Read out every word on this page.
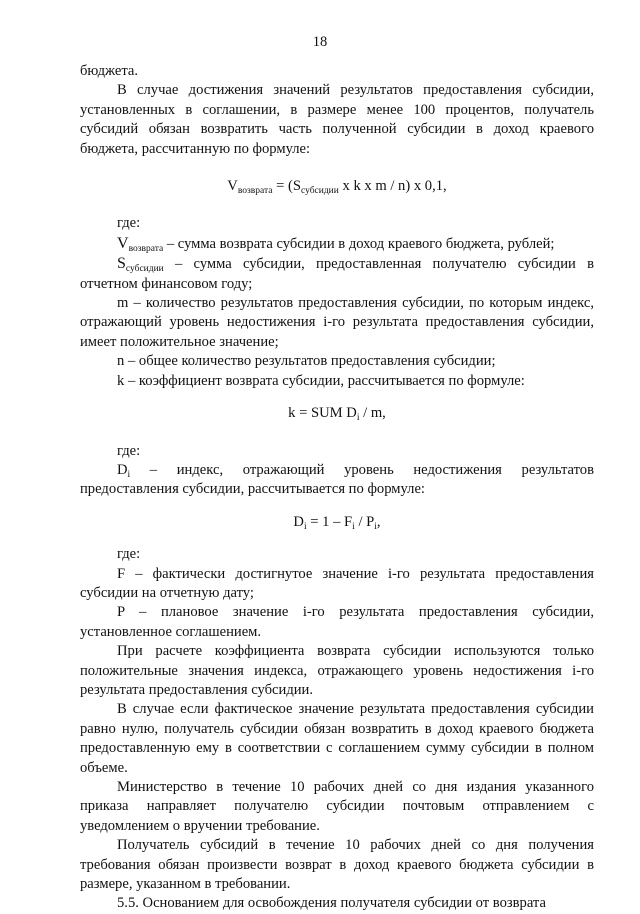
18

бюджета.

В случае достижения значений результатов предоставления субсидии, установленных в соглашении, в размере менее 100 процентов, получатель субсидий обязан возвратить часть полученной субсидии в доход краевого бюджета, рассчитанную по формуле:

$V_{возврата} = (S_{субсидии}$ x k x m / n) x 0,1,

где:

$V_{возврата}$ – сумма возврата субсидии в доход краевого бюджета, рублей;

$S_{субсидии}$ – сумма субсидии, предоставленная получателю субсидии в отчетном финансовом году;

m – количество результатов предоставления субсидии, по которым индекс, отражающий уровень недостижения i-го результата предоставления субсидии, имеет положительное значение;

n – общее количество результатов предоставления субсидии;

k – коэффициент возврата субсидии, рассчитывается по формуле:

k = SUM $D_i$ / m,

где:

$D_i$ – индекс, отражающий уровень недостижения результатов предоставления субсидии, рассчитывается по формуле:

$D_i = 1 - F_i / P_i$,

где:

F – фактически достигнутое значение i-го результата предоставления субсидии на отчетную дату;

P – плановое значение i-го результата предоставления субсидии, установленное соглашением.

При расчете коэффициента возврата субсидии используются только положительные значения индекса, отражающего уровень недостижения i-го результата предоставления субсидии.

В случае если фактическое значение результата предоставления субсидии равно нулю, получатель субсидии обязан возвратить в доход краевого бюджета предоставленную ему в соответствии с соглашением сумму субсидии в полном объеме.

Министерство в течение 10 рабочих дней со дня издания указанного приказа направляет получателю субсидии почтовым отправлением с уведомлением о вручении требование.

Получатель субсидий в течение 10 рабочих дней со дня получения требования обязан произвести возврат в доход краевого бюджета субсидии в размере, указанном в требовании.

5.5. Основанием для освобождения получателя субсидии от возврата
